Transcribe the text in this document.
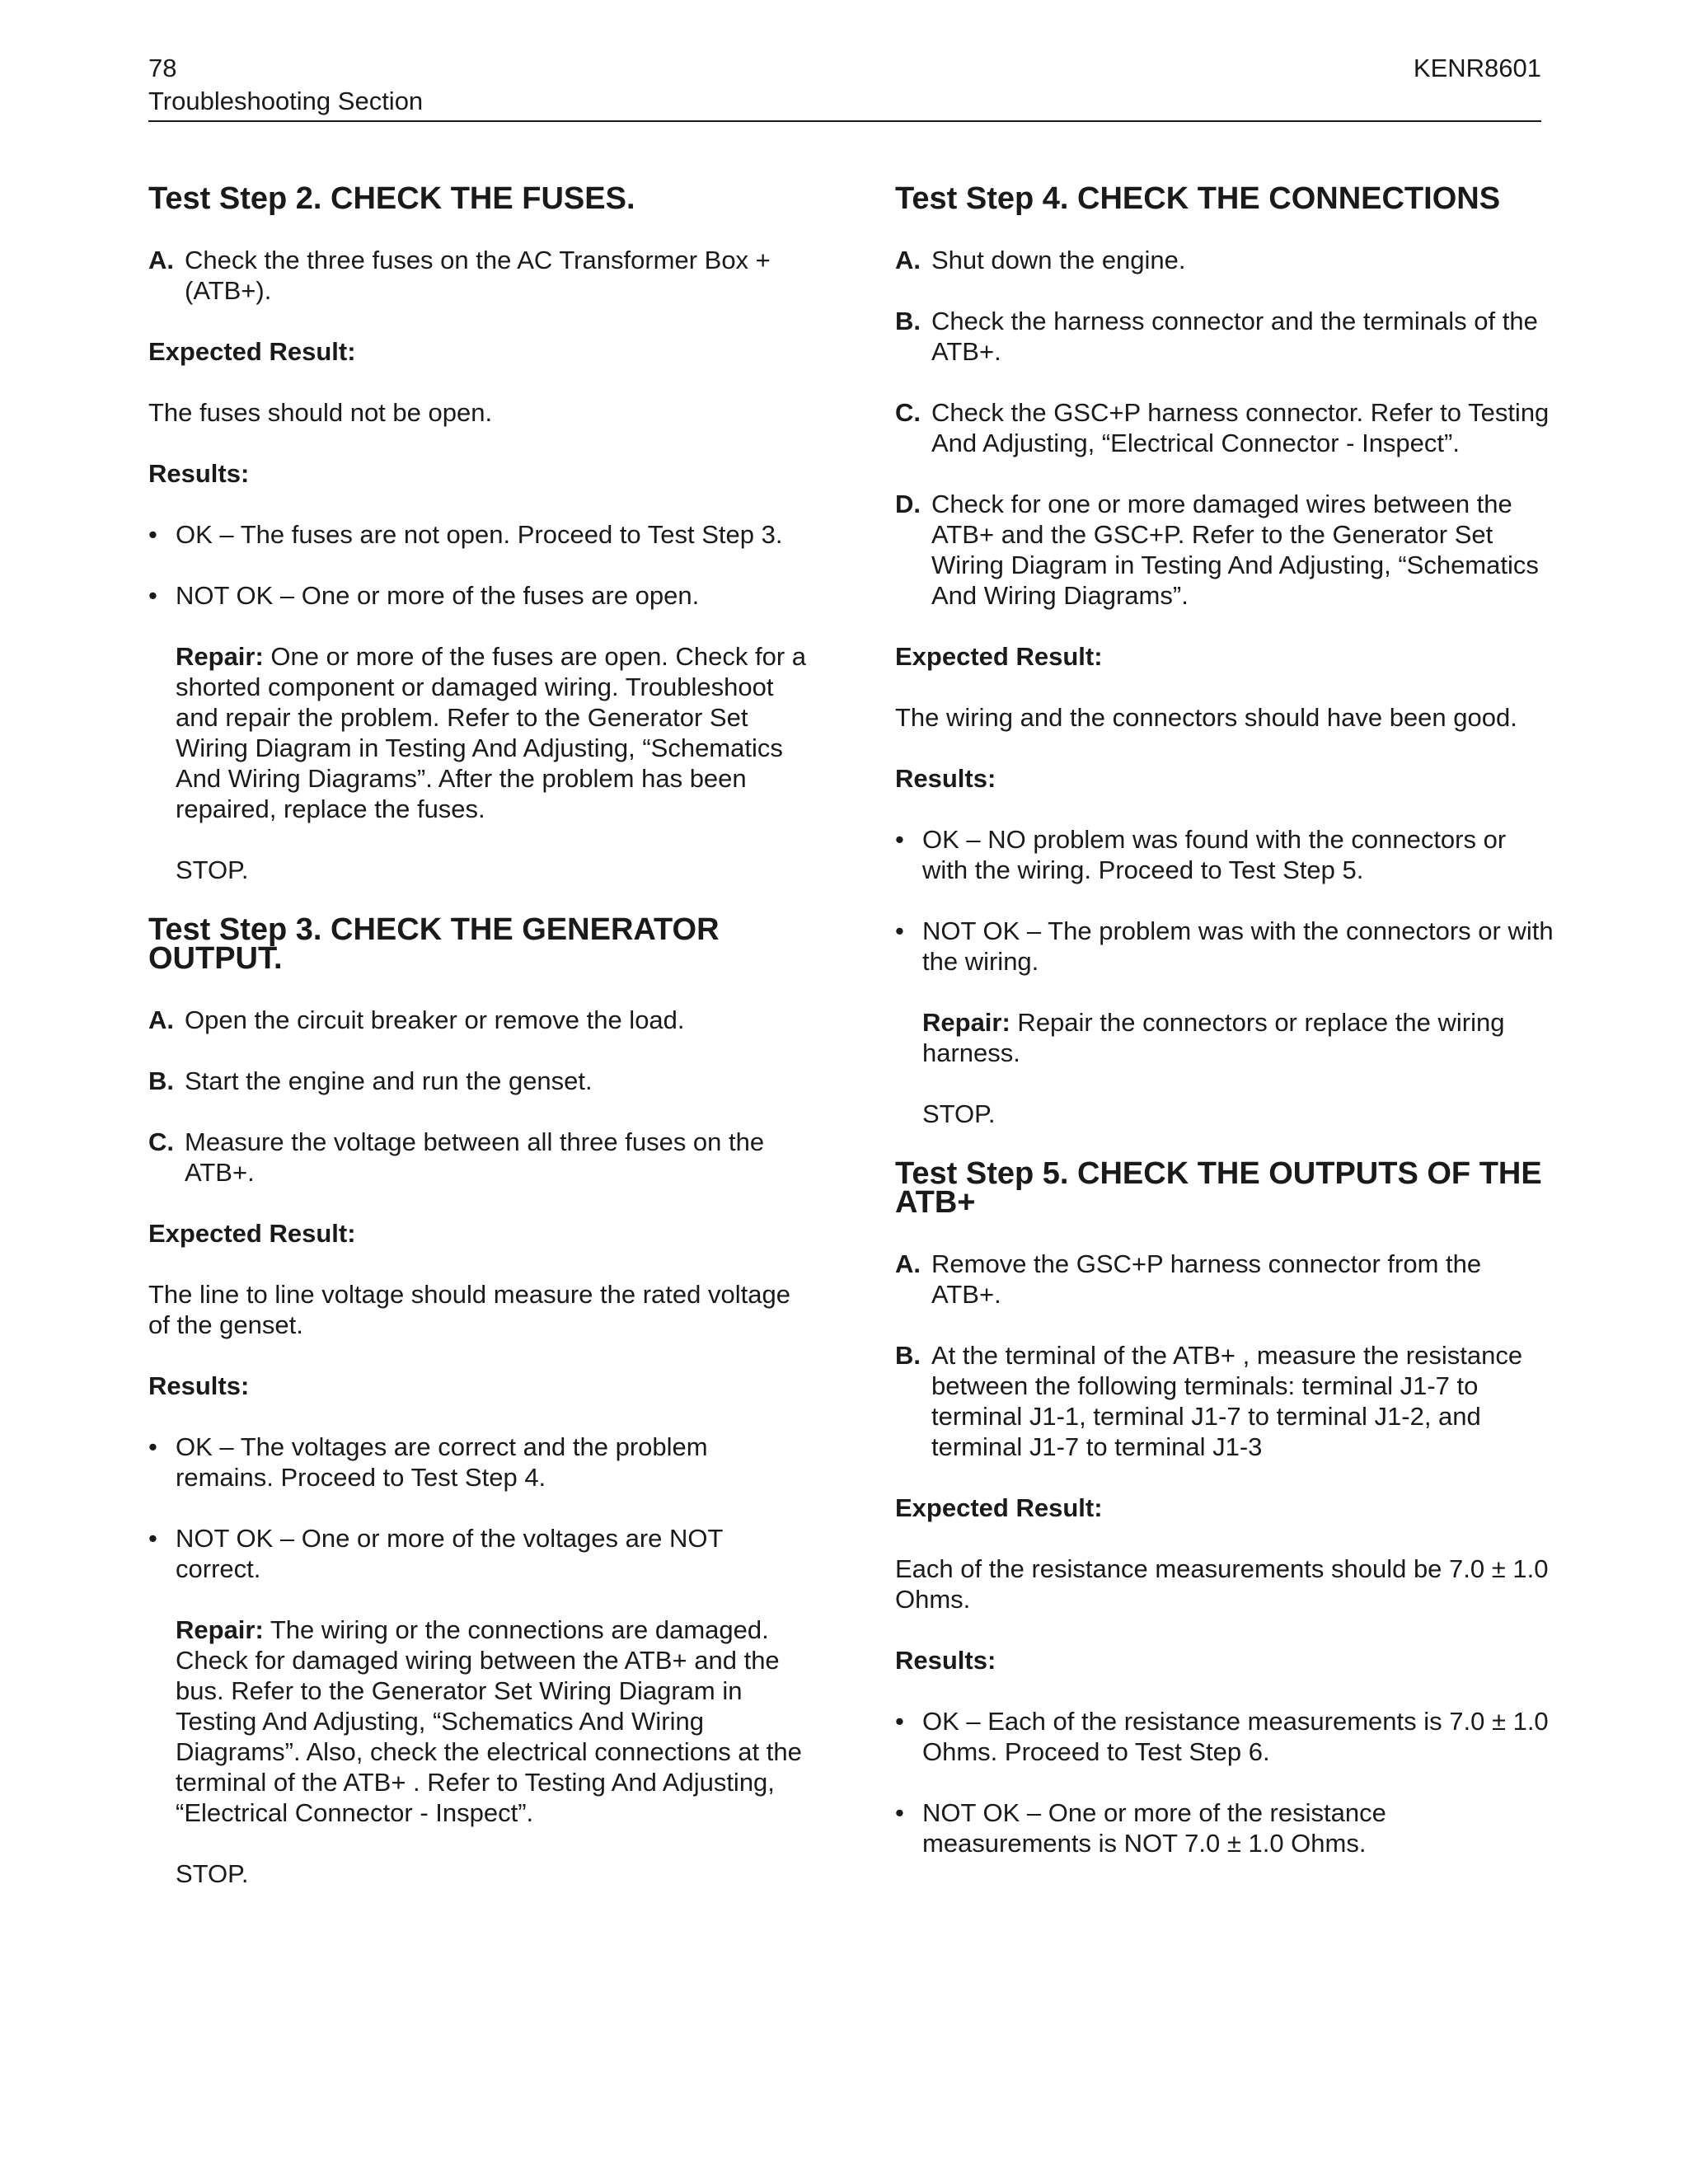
78
Troubleshooting Section
KENR8601
Test Step 2. CHECK THE FUSES.
A. Check the three fuses on the AC Transformer Box + (ATB+).

Expected Result:

The fuses should not be open.

Results:

• OK – The fuses are not open. Proceed to Test Step 3.
• NOT OK – One or more of the fuses are open.
Repair: One or more of the fuses are open. Check for a shorted component or damaged wiring. Troubleshoot and repair the problem. Refer to the Generator Set Wiring Diagram in Testing And Adjusting, “Schematics And Wiring Diagrams”. After the problem has been repaired, replace the fuses.
STOP.
Test Step 3. CHECK THE GENERATOR OUTPUT.
A. Open the circuit breaker or remove the load.
B. Start the engine and run the genset.
C. Measure the voltage between all three fuses on the ATB+.

Expected Result:

The line to line voltage should measure the rated voltage of the genset.

Results:

• OK – The voltages are correct and the problem remains. Proceed to Test Step 4.
• NOT OK – One or more of the voltages are NOT correct.
Repair: The wiring or the connections are damaged. Check for damaged wiring between the ATB+ and the bus. Refer to the Generator Set Wiring Diagram in Testing And Adjusting, “Schematics And Wiring Diagrams”. Also, check the electrical connections at the terminal of the ATB+ . Refer to Testing And Adjusting, “Electrical Connector - Inspect”.
STOP.
Test Step 4. CHECK THE CONNECTIONS
A. Shut down the engine.
B. Check the harness connector and the terminals of the ATB+.
C. Check the GSC+P harness connector. Refer to Testing And Adjusting, “Electrical Connector - Inspect”.
D. Check for one or more damaged wires between the ATB+ and the GSC+P. Refer to the Generator Set Wiring Diagram in Testing And Adjusting, “Schematics And Wiring Diagrams”.

Expected Result:

The wiring and the connectors should have been good.

Results:

• OK – NO problem was found with the connectors or with the wiring. Proceed to Test Step 5.
• NOT OK – The problem was with the connectors or with the wiring.
Repair: Repair the connectors or replace the wiring harness.
STOP.
Test Step 5. CHECK THE OUTPUTS OF THE ATB+
A. Remove the GSC+P harness connector from the ATB+.
B. At the terminal of the ATB+ , measure the resistance between the following terminals: terminal J1-7 to terminal J1-1, terminal J1-7 to terminal J1-2, and terminal J1-7 to terminal J1-3

Expected Result:

Each of the resistance measurements should be 7.0 ± 1.0 Ohms.

Results:

• OK – Each of the resistance measurements is 7.0 ± 1.0 Ohms. Proceed to Test Step 6.
• NOT OK – One or more of the resistance measurements is NOT 7.0 ± 1.0 Ohms.
